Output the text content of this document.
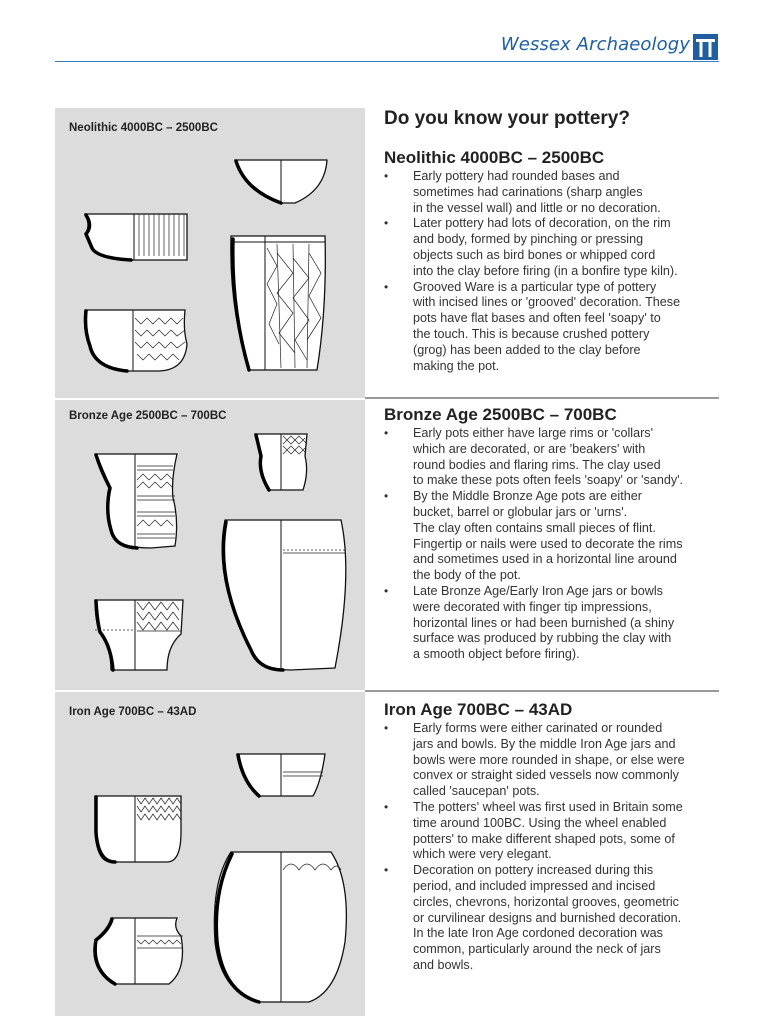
Wessex Archaeology
Neolithic 4000BC – 2500BC	Do you know your pottery?
Neolithic 4000BC – 2500BC
• Early pottery had rounded bases and
sometimes had carinations (sharp angles
in the vessel wall) and little or no decoration.
• Later pottery had lots of decoration, on the rim
and body, formed by pinching or pressing
objects such as bird bones or whipped cord
into the clay before firing (in a bonfire type kiln).
• Grooved Ware is a particular type of pottery
with incised lines or 'grooved' decoration. These
pots have flat bases and often feel 'soapy' to
the touch. This is because crushed pottery
(grog) has been added to the clay before
making the pot.
Bronze Age 2500BC – 700BC	Bronze Age 2500BC – 700BC
• Early pots either have large rims or 'collars'
which are decorated, or are 'beakers' with
round bodies and flaring rims. The clay used
to make these pots often feels 'soapy' or 'sandy'.
• By the Middle Bronze Age pots are either
bucket, barrel or globular jars or 'urns'.
The clay often contains small pieces of flint.
Fingertip or nails were used to decorate the rims
and sometimes used in a horizontal line around
the body of the pot.
• Late Bronze Age/Early Iron Age jars or bowls
were decorated with finger tip impressions,
horizontal lines or had been burnished (a shiny
surface was produced by rubbing the clay with
a smooth object before firing).
Iron Age 700BC – 43AD	Iron Age 700BC – 43AD
• Early forms were either carinated or rounded
jars and bowls. By the middle Iron Age jars and
bowls were more rounded in shape, or else were
convex or straight sided vessels now commonly
called 'saucepan' pots.
• The potters' wheel was first used in Britain some
time around 100BC. Using the wheel enabled
potters' to make different shaped pots, some of
which were very elegant.
• Decoration on pottery increased during this
period, and included impressed and incised
circles, chevrons, horizontal grooves, geometric
or curvilinear designs and burnished decoration.
In the late Iron Age cordoned decoration was
common, particularly around the neck of jars
and bowls.
